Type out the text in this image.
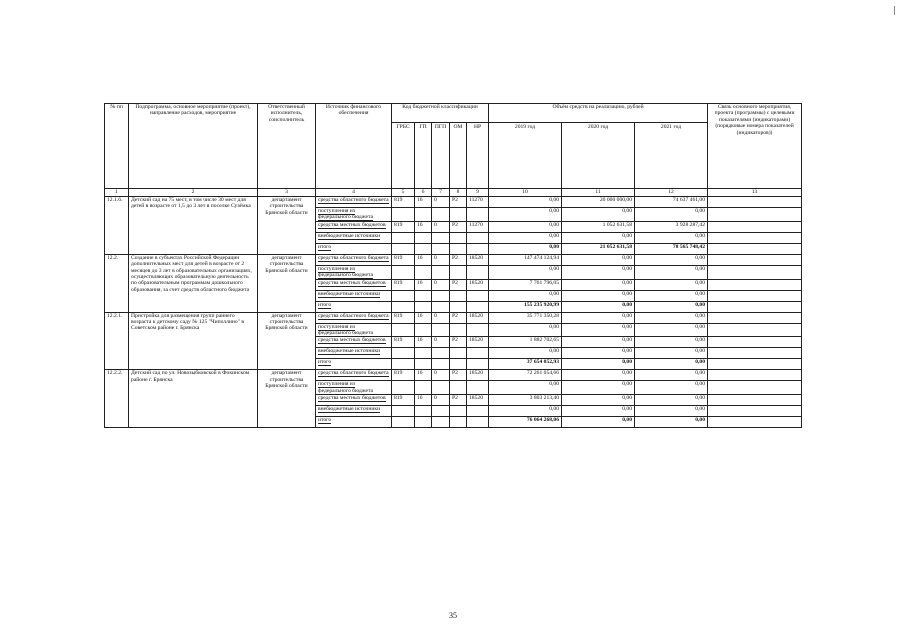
№ пп	Подпрограмма, основное мероприятие (проект), направление расходов, мероприятие	Ответственный исполнитель, соисполнитель	Источник финансового обеспечения	Код бюджетной классификации					Объём средств на реализацию, рублей			Связь основного мероприятия, проекта (программы) с целевыми показателями (индикаторами) (порядковые номера показателей (индикаторов))
				ГРБС	ГП	ПГП	ОМ	НР	2019 год	2020 год	2021 год	
1	2	3	4	5	6	7	8	9	10	11	12	13
12.1.6.	Детский сад на 75 мест, в том числе 30 мест для детей в возрасте от 1,5 до 3 лет в поселке Сузёмка	департамент строительства Брянской области	средства областного бюджета	819	16	0	Р2	11270	0,00	20 000 000,00	74 637 461,00	
			поступления из федерального бюджета						0,00	0,00	0,00	
			средства местных бюджетов	819	16	0	Р2	11270	0,00	1 052 631,58	3 928 287,42	
			внебюджетные источники						0,00	0,00	0,00	
			итого						0,00	21 052 631,58	78 565 748,42	
12.2.	Создание в субъектах Российской Федерации дополнительных мест для детей в возрасте от 2 месяцев до 3 лет в образовательных организациях, осуществляющих образовательную деятельность по образовательным программам дошкольного образования, за счет средств областного бюджета	департамент строительства Брянской области	средства областного бюджета	819	16	0	Р2	18520	147 474 124,94	0,00	0,00	
			поступления из федерального бюджета						0,00	0,00	0,00	
			средства местных бюджетов	819	16	0	Р2	18520	7 761 796,05	0,00	0,00	
			внебюджетные источники						0,00	0,00	0,00	
			итого						155 235 920,99	0,00	0,00	
12.2.1.	Пристройка для размещения групп раннего возраста к детскому саду № 125 "Чиполлино" в Советском районе г. Брянска	департамент строительства Брянской области	средства областного бюджета	819	16	0	Р2	18520	35 771 350,28	0,00	0,00	
			поступления из федерального бюджета						0,00	0,00	0,00	
			средства местных бюджетов	819	16	0	Р2	18520	1 882 702,65	0,00	0,00	
			внебюджетные источники						0,00	0,00	0,00	
			итого						37 654 052,93	0,00	0,00	
12.2.2.	Детский сад по ул. Новозыбковской в Фокинском районе г. Брянска	департамент строительства Брянской области	средства областного бюджета	819	16	0	Р2	18520	72 261 054,66	0,00	0,00	
			поступления из федерального бюджета						0,00	0,00	0,00	
			средства местных бюджетов	819	16	0	Р2	18520	3 803 213,40	0,00	0,00	
			внебюджетные источники						0,00	0,00	0,00	
			итого						76 064 268,06	0,00	0,00	
35
